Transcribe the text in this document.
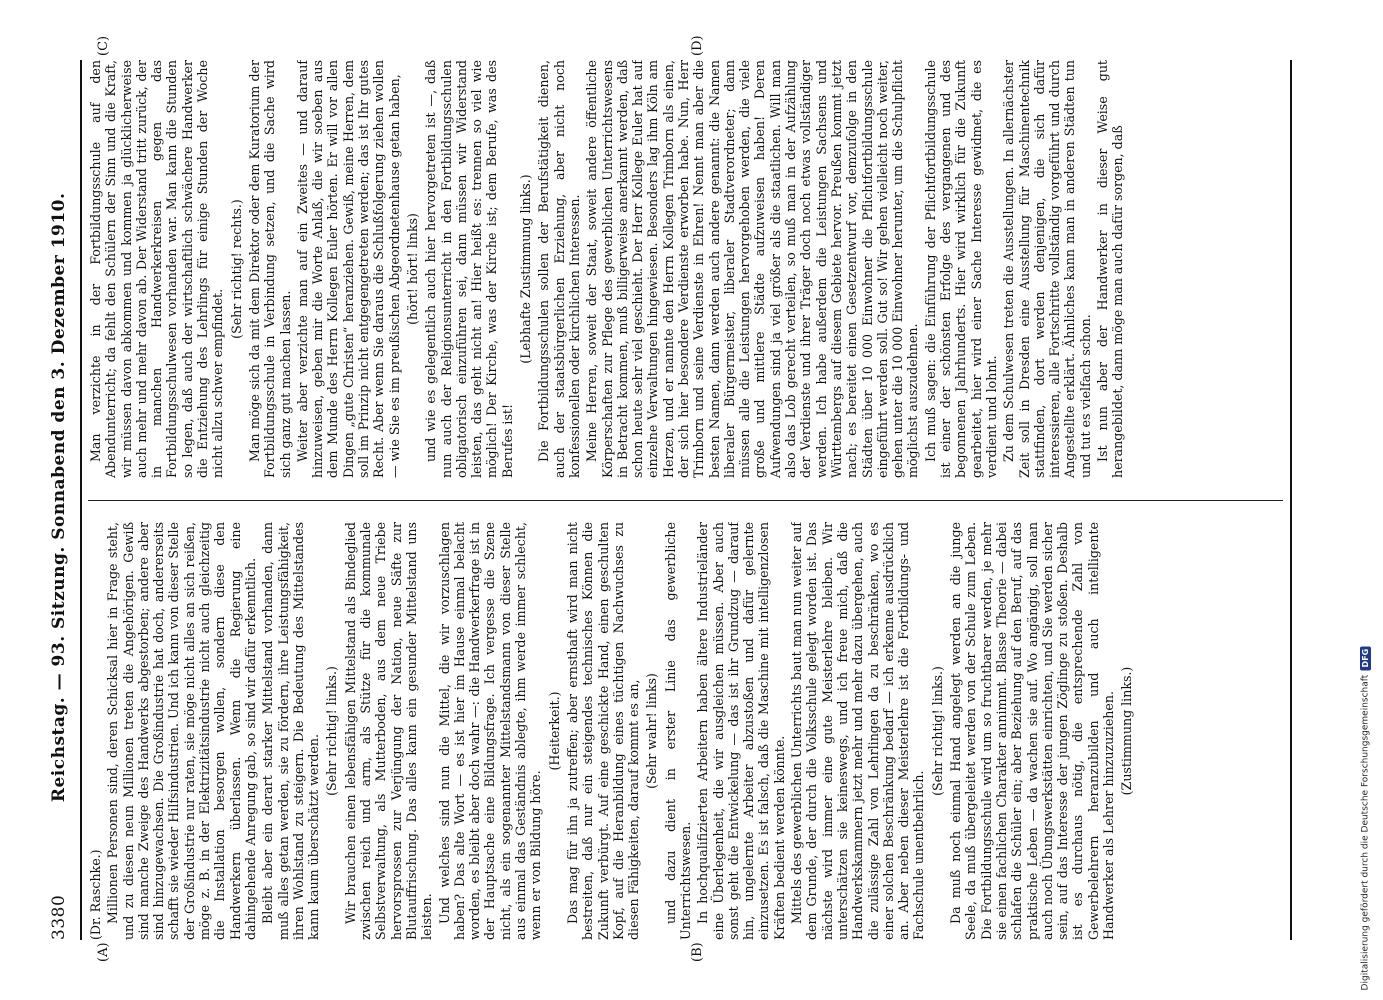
3380
Reichstag. — 93. Sitzung. Sonnabend den 3. Dezember 1910.
(A)	(B)
(C)	(D)

(Dr. Raschke.) Millionen Personen sind, deren Schicksal hier in Frage steht, und zu diesen neun Millionen treten die Angehörigen. Gewiß sind manche Zweige des Handwerks abgestorben; andere aber sind hinzugewachsen. Die Großindustrie hat doch, andererseits schafft sie wieder Hilfsindustrien. Und ich kann von dieser Stelle der Großindustrie nur raten, sie möge nicht alles an sich reißen, möge z. B. in der Elektrizitätsindustrie nicht auch gleichzeitig die Installation besorgen wollen, sondern diese den Handwerkern überlassen. Wenn die Regierung eine dahingehende Anregung gab, so sind wir dafür erkenntlich. Bleibt aber ein derart starker Mittelstand vorhanden, dann muß alles getan werden, sie zu fördern, ihre Leistungsfähigkeit, ihren Wohlstand zu steigern. Die Bedeutung des Mittelstandes kann kaum überschätzt werden.

(Sehr richtig! links.) Wir brauchen einen lebensfähigen Mittelstand als Bindeglied zwischen reich und arm, als Stütze für die kommunale Selbstverwaltung, als Mutterboden, aus dem neue Triebe hervorsprossen zur Verjüngung der Nation, neue Säfte zur Blutauffrischung. Das alles kann ein gesunder Mittelstand uns leisten. Und welches sind nun die Mittel, die wir vorzuschlagen haben? Das alte Wort — es ist hier im Hause einmal belacht worden, es bleibt aber doch wahr —: die Handwerkerfrage ist in der Hauptsache eine Bildungsfrage. Ich vergesse die Szene nicht, als ein sogenannter Mittelstandsmann von dieser Stelle aus einmal das Geständnis ablegte, ihm werde immer schlecht, wenn er von Bildung höre.

(Heiterkeit.) Das mag für ihn ja zutreffen; aber ernsthaft wird man nicht bestreiten, daß nur ein steigendes technisches Können die Zukunft verbürgt. Auf eine geschickte Hand, einen geschulten Kopf, auf die Heranbildung eines tüchtigen Nachwuchses zu diesen Fähigkeiten, darauf kommt es an, (Sehr wahr! links) und dazu dient in erster Linie das gewerbliche Unterrichtswesen. In hochqualifizierten Arbeitern haben ältere Industrieländer eine Überlegenheit, die wir ausgleichen müssen. Aber auch sonst geht die Entwickelung — das ist ihr Grundzug — darauf hin, ungelernte Arbeiter abzustoßen und dafür gelernte einzusetzen. Es ist falsch, daß die Maschine mit intelligenzlosen Kräften bedient werden könnte. Mittels des gewerblichen Unterrichts baut man nun weiter auf dem Grunde, der durch die Volksschule gelegt worden ist. Das nächste wird immer eine gute Meisterlehre bleiben. Wir unterschätzen sie keineswegs, und ich freue mich, daß die Handwerkskammern jetzt mehr und mehr dazu übergehen, auch die zulässige Zahl von Lehrlingen da zu beschränken, wo es einer solchen Beschränkung bedarf — ich erkenne ausdrücklich an. Aber neben dieser Meisterlehre ist die Fortbildungs- und Fachschule unentbehrlich.

(Sehr richtig! links.) Da muß noch einmal Hand angelegt werden an die junge Seele, da muß übergeleitet werden von der Schule zum Leben. Die Fortbildungsschule wird um so fruchtbarer werden, je mehr sie einen fachlichen Charakter annimmt. Blasse Theorie — dabei schlafen die Schüler ein; aber Beziehung auf den Beruf, auf das praktische Leben — da wachen sie auf. Wo angängig, soll man auch noch Übungswerkstätten einrichten, und Sie werden sicher sein, auf das Interesse der jungen Zöglinge zu stoßen. Deshalb ist es durchaus nötig, die entsprechende Zahl von Gewerbelehrern heranzubilden und auch intelligente Handwerker als Lehrer hinzuzuziehen. (Zustimmung links.)

Man verzichte in der Fortbildungsschule auf den Abendunterricht; da fehlt den Schülern der Sinn und die Kraft, wir müssen davon abkommen und kommen ja glücklicherweise auch mehr und mehr davon ab. Der Widerstand tritt zurück, der in manchen Handwerkerkreisen gegen das Fortbildungsschulwesen vorhanden war. Man kann die Stunden so legen, daß auch der wirtschaftlich schwächere Handwerker die Entziehung des Lehrlings für einige Stunden der Woche nicht allzu schwer empfindet.

(Sehr richtig! rechts.) Man möge sich da mit dem Direktor oder dem Kuratorium der Fortbildungsschule in Verbindung setzen, und die Sache wird sich ganz gut machen lassen. Weiter aber verzichte man auf ein Zweites — und darauf hinzuweisen, geben mir die Worte Anlaß, die wir soeben aus dem Munde des Herrn Kollegen Euler hörten. Er will vor allen Dingen „gute Christen“ heranziehen. Gewiß, meine Herren, dem soll im Prinzip nicht entgegengetreten werden; das ist Ihr gutes Recht. Aber wenn Sie daraus die Schlußfolgerung ziehen wollen — wie Sie es im preußischen Abgeordnetenhause getan haben, (hört! hört! links) und wie es gelegentlich auch hier hervorgetreten ist —, daß nun auch der Religionsunterricht in den Fortbildungsschulen obligatorisch einzuführen sei, dann müssen wir Widerstand leisten, das geht nicht an! Hier heißt es: trennen so viel wie möglich! Der Kirche, was der Kirche ist; dem Berufe, was des Berufes ist!

(Lebhafte Zustimmung links.) Die Fortbildungsschulen sollen der Berufstätigkeit dienen, auch der staatsbürgerlichen Erziehung, aber nicht noch konfessionellen oder kirchlichen Interessen. Meine Herren, soweit der Staat, soweit andere öffentliche Körperschaften zur Pflege des gewerblichen Unterrichtswesens in Betracht kommen, muß billigerweise anerkannt werden, daß schon heute sehr viel geschieht. Der Herr Kollege Euler hat auf einzelne Verwaltungen hingewiesen. Besonders lag ihm Köln am Herzen, und er nannte den Herrn Kollegen Trimborn als einen, der sich hier besondere Verdienste erworben habe. Nun, Herr Trimborn und seine Verdienste in Ehren! Nennt man aber die besten Namen, dann werden auch andere genannt: die Namen liberaler Bürgermeister, liberaler Stadtverordneter; dann müssen alle die Leistungen hervorgehoben werden, die viele große und mittlere Städte aufzuweisen haben! Deren Aufwendungen sind ja viel größer als die staatlichen. Will man also das Lob gerecht verteilen, so muß man in der Aufzählung der Verdienste und ihrer Träger doch noch etwas vollständiger werden. Ich habe außerdem die Leistungen Sachsens und Württembergs auf diesem Gebiete hervor. Preußen kommt jetzt nach; es bereitet einen Gesetzentwurf vor, demzufolge in den Städten über 10 000 Einwohner die Pflichtfortbildungsschule eingeführt werden soll. Gut so! Wir gehen vielleicht noch weiter, gehen unter die 10 000 Einwohner herunter, um die Schulpflicht möglichst auszudehnen. Ich muß sagen: die Einführung der Pflichtfortbildungsschule ist einer der schönsten Erfolge des vergangenen und des begonnenen Jahrhunderts. Hier wird wirklich für die Zukunft gearbeitet, hier wird einer Sache Interesse gewidmet, die es verdient und lohnt. Zu dem Schulwesen treten die Ausstellungen. In allernächster Zeit soll in Dresden eine Ausstellung für Maschinentechnik stattfinden, dort werden denjenigen, die sich dafür interessieren, alle Fortschritte vollständig vorgeführt und durch Angestellte erklärt. Ähnliches kann man in anderen Städten tun und tut es vielfach schon. Ist nun aber der Handwerker in dieser Weise gut herangebildet, dann möge man auch dafür sorgen, daß

Digitalisierung gefördert durch die Deutsche Forschungsgemeinschaft
DFG
